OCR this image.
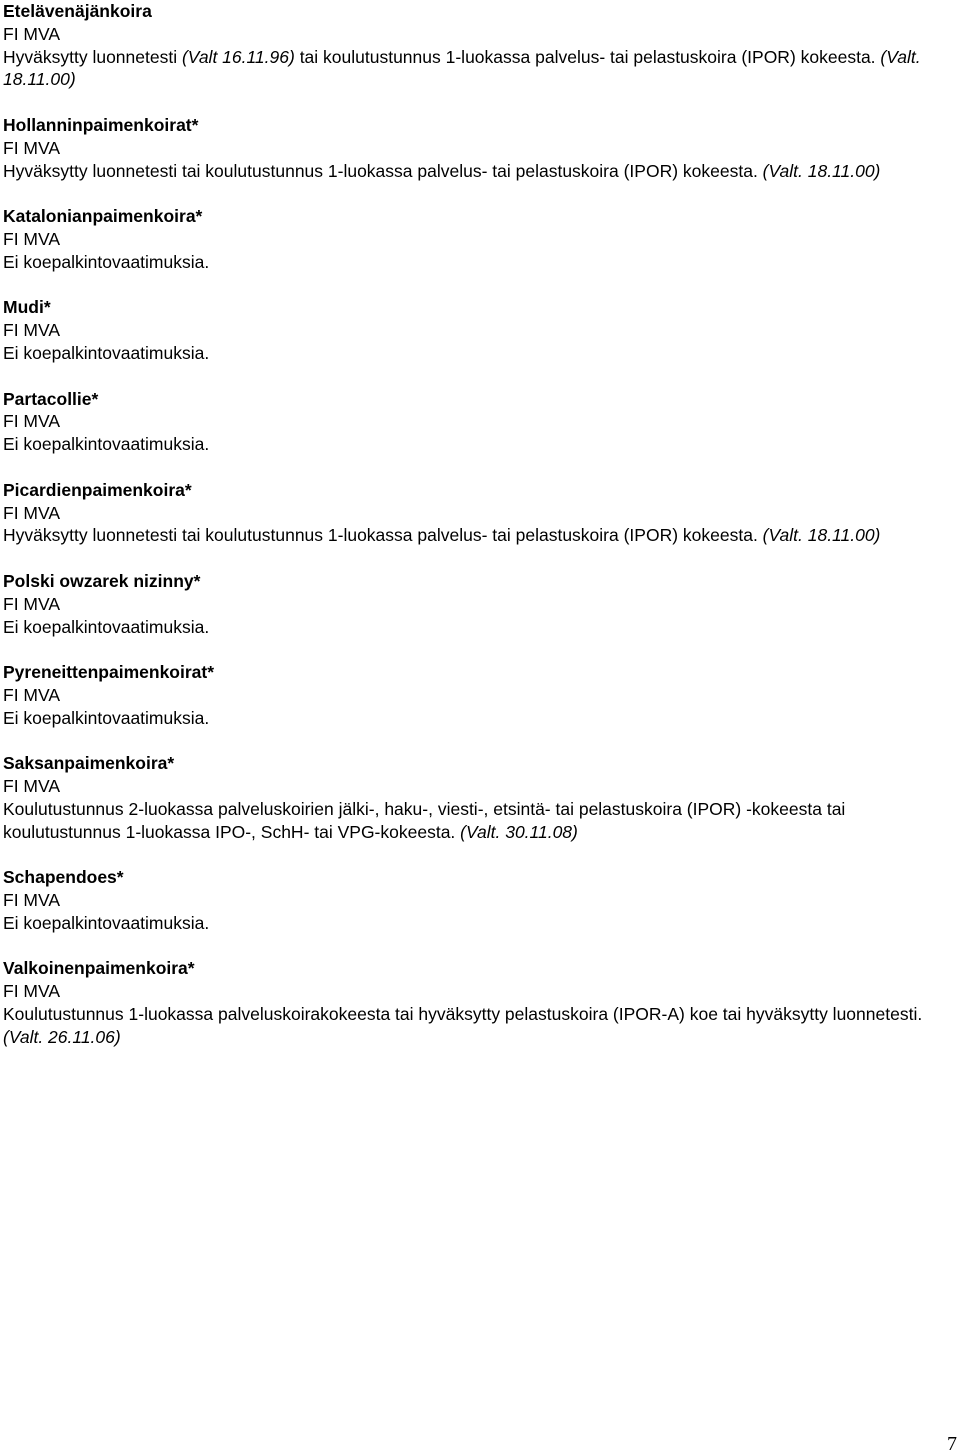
Etelävenäjänkoira
FI MVA
Hyväksytty luonnetesti (Valt 16.11.96) tai koulutustunnus 1-luokassa palvelus- tai pelastuskoira (IPOR) kokeesta. (Valt. 18.11.00)
Hollanninpaimenkoirat*
FI MVA
Hyväksytty luonnetesti tai koulutustunnus 1-luokassa palvelus- tai pelastuskoira (IPOR) kokeesta. (Valt. 18.11.00)
Katalonianpaimenkoira*
FI MVA
Ei koepalkintovaatimuksia.
Mudi*
FI MVA
Ei koepalkintovaatimuksia.
Partacollie*
FI MVA
Ei koepalkintovaatimuksia.
Picardienpaimenkoira*
FI MVA
Hyväksytty luonnetesti tai koulutustunnus 1-luokassa palvelus- tai pelastuskoira (IPOR) kokeesta. (Valt. 18.11.00)
Polski owzarek nizinny*
FI MVA
Ei koepalkintovaatimuksia.
Pyreneittenpaimenkoirat*
FI MVA
Ei koepalkintovaatimuksia.
Saksanpaimenkoira*
FI MVA
Koulutustunnus 2-luokassa palveluskoirien jälki-, haku-, viesti-, etsintä- tai pelastuskoira (IPOR) -kokeesta tai koulutustunnus 1-luokassa IPO-, SchH- tai VPG-kokeesta. (Valt. 30.11.08)
Schapendoes*
FI MVA
Ei koepalkintovaatimuksia.
Valkoinenpaimenkoira*
FI MVA
Koulutustunnus 1-luokassa palveluskoirakokeesta tai hyväksytty pelastuskoira (IPOR-A) koe tai hyväksytty luonnetesti. (Valt. 26.11.06)
7
